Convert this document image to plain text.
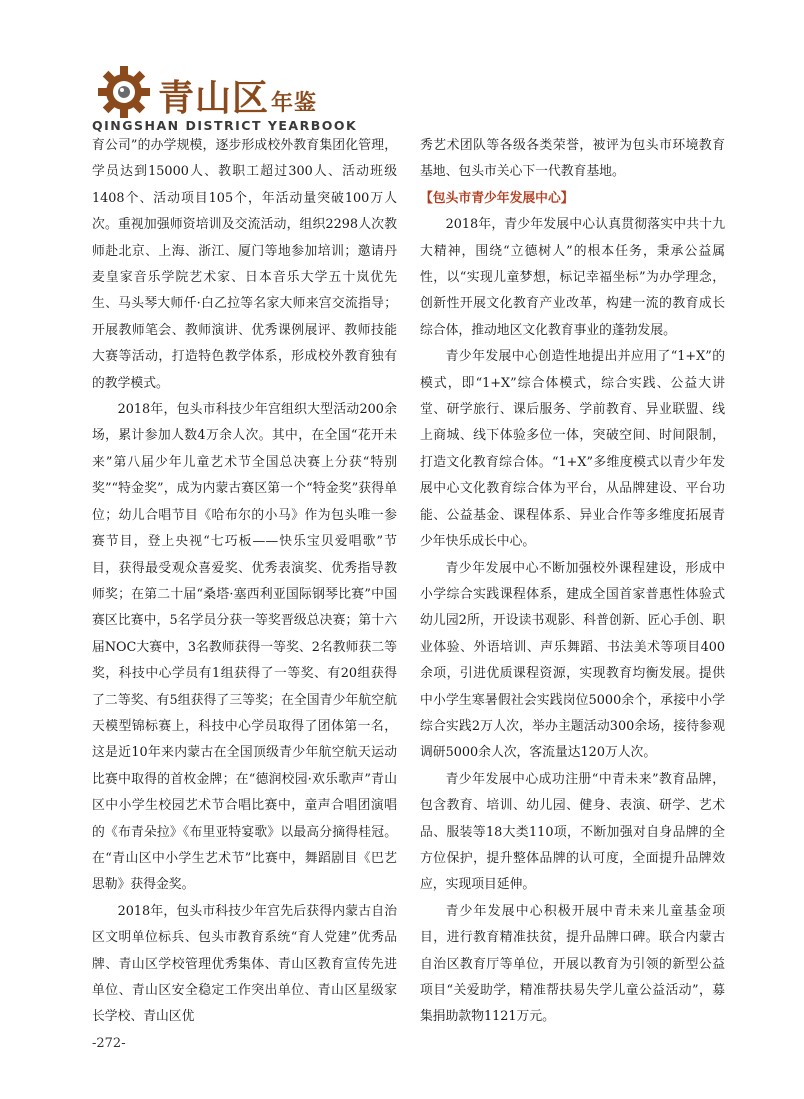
青山区年鉴
QINGSHAN DISTRICT YEARBOOK

育公司”的办学规模，逐步形成校外教育集团化管理，学员达到15000人、教职工超过300人、活动班级1408个、活动项目105个，年活动量突破100万人次。重视加强师资培训及交流活动，组织2298人次教师赴北京、上海、浙江、厦门等地参加培训；邀请丹麦皇家音乐学院艺术家、日本音乐大学五十岚优先生、马头琴大师仟·白乙拉等名家大师来宫交流指导；开展教师笔会、教师演讲、优秀课例展评、教师技能大赛等活动，打造特色教学体系，形成校外教育独有的教学模式。

2018年，包头市科技少年宫组织大型活动200余场，累计参加人数4万余人次。其中，在全国“花开未来”第八届少年儿童艺术节全国总决赛上分获“特别奖”“特金奖”，成为内蒙古赛区第一个“特金奖”获得单位；幼儿合唱节目《哈布尔的小马》作为包头唯一参赛节目，登上央视“七巧板——快乐宝贝爱唱歌”节目，获得最受观众喜爱奖、优秀表演奖、优秀指导教师奖；在第二十届“桑塔·塞西利亚国际钢琴比赛”中国赛区比赛中，5名学员分获一等奖晋级总决赛；第十六届NOC大赛中，3名教师获得一等奖、2名教师获二等奖，科技中心学员有1组获得了一等奖、有20组获得了二等奖、有5组获得了三等奖；在全国青少年航空航天模型锦标赛上，科技中心学员取得了团体第一名，这是近10年来内蒙古在全国顶级青少年航空航天运动比赛中取得的首枚金牌；在“德润校园·欢乐歌声”青山区中小学生校园艺术节合唱比赛中，童声合唱团演唱的《布青朵拉》《布里亚特宴歌》以最高分摘得桂冠。在“青山区中小学生艺术节”比赛中，舞蹈剧目《巴艺思勒》获得金奖。

2018年，包头市科技少年宫先后获得内蒙古自治区文明单位标兵、包头市教育系统“育人党建”优秀品牌、青山区学校管理优秀集体、青山区教育宣传先进单位、青山区安全稳定工作突出单位、青山区星级家长学校、青山区优

秀艺术团队等各级各类荣誉，被评为包头市环境教育基地、包头市关心下一代教育基地。

【包头市青少年发展中心】

2018年，青少年发展中心认真贯彻落实中共十九大精神，围绕“立德树人”的根本任务，秉承公益属性，以“实现儿童梦想，标记幸福坐标”为办学理念，创新性开展文化教育产业改革，构建一流的教育成长综合体，推动地区文化教育事业的蓬勃发展。

青少年发展中心创造性地提出并应用了“1+X”的模式，即“1+X”综合体模式，综合实践、公益大讲堂、研学旅行、课后服务、学前教育、异业联盟、线上商城、线下体验多位一体，突破空间、时间限制，打造文化教育综合体。“1+X”多维度模式以青少年发展中心文化教育综合体为平台，从品牌建设、平台功能、公益基金、课程体系、异业合作等多维度拓展青少年快乐成长中心。

青少年发展中心不断加强校外课程建设，形成中小学综合实践课程体系，建成全国首家普惠性体验式幼儿园2所，开设读书观影、科普创新、匠心手创、职业体验、外语培训、声乐舞蹈、书法美术等项目400余项，引进优质课程资源，实现教育均衡发展。提供中小学生寒暑假社会实践岗位5000余个，承接中小学综合实践2万人次，举办主题活动300余场，接待参观调研5000余人次，客流量达120万人次。

青少年发展中心成功注册“中青未来”教育品牌，包含教育、培训、幼儿园、健身、表演、研学、艺术品、服装等18大类110项，不断加强对自身品牌的全方位保护，提升整体品牌的认可度，全面提升品牌效应，实现项目延伸。

青少年发展中心积极开展中青未来儿童基金项目，进行教育精准扶贫，提升品牌口碑。联合内蒙古自治区教育厅等单位，开展以教育为引领的新型公益项目“关爱助学，精准帮扶易失学儿童公益活动”，募集捐助款物1121万元。

-272-
